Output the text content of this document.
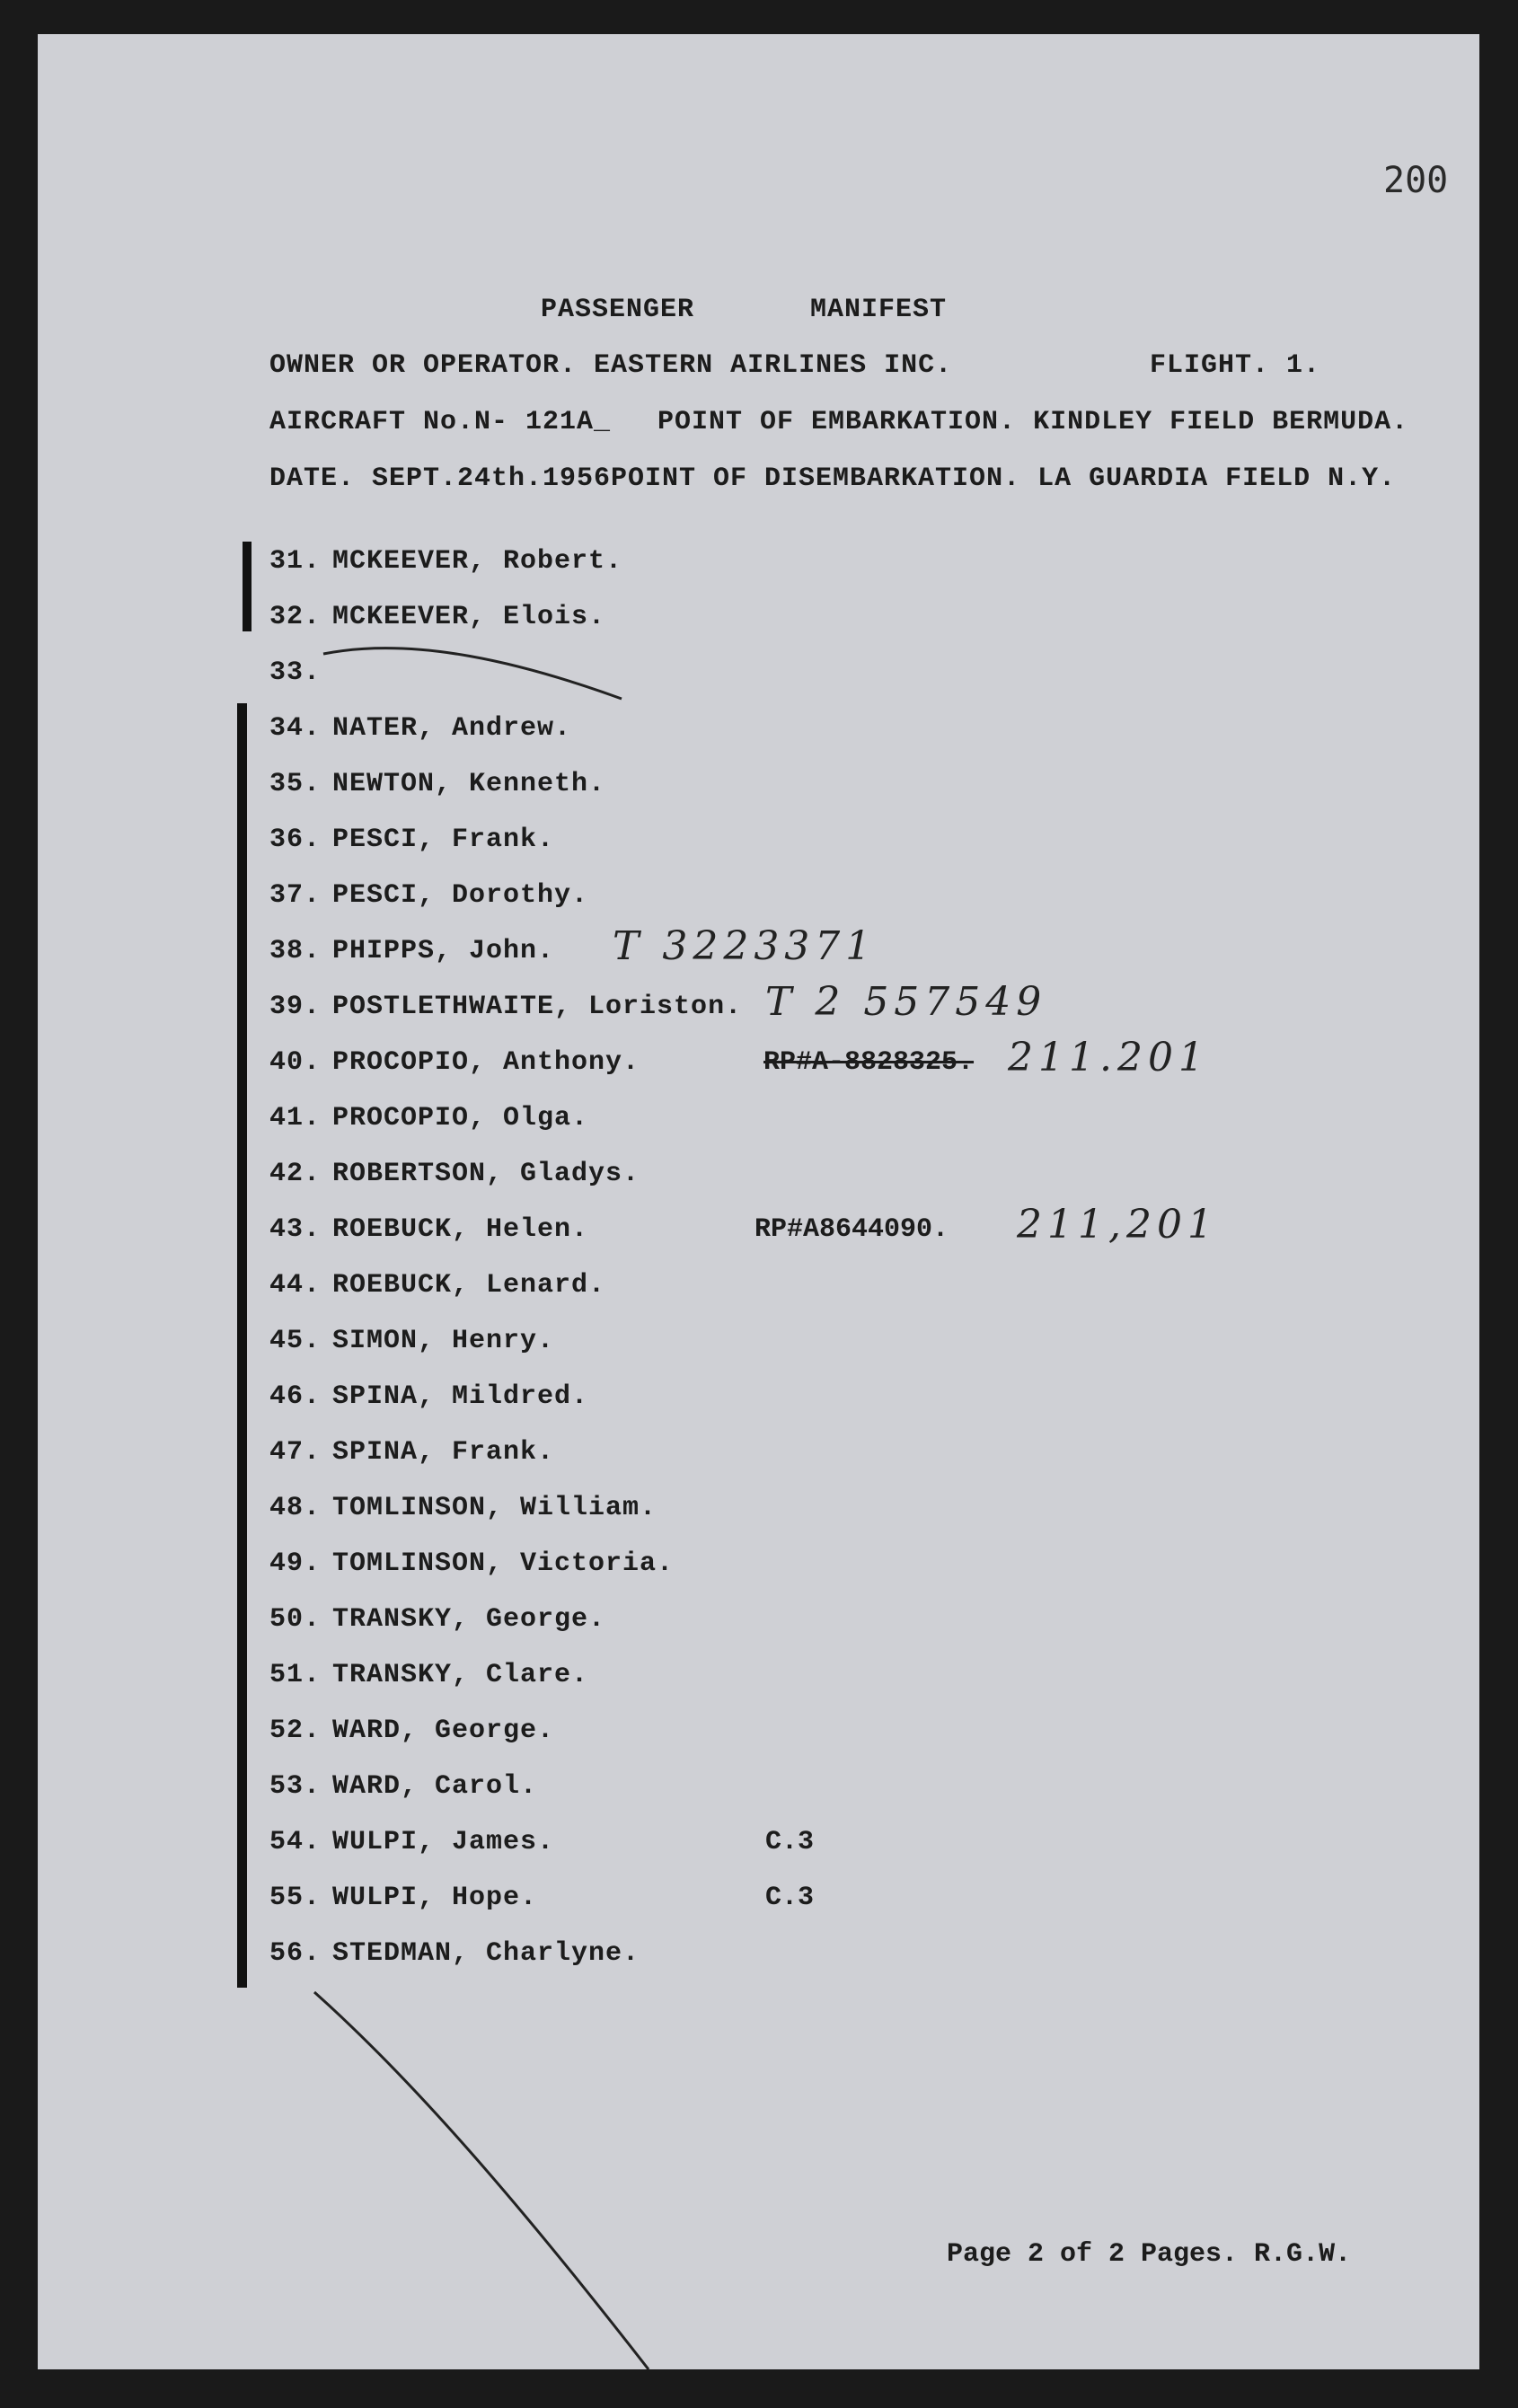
200
PASSENGER	MANIFEST
OWNER OR OPERATOR. EASTERN AIRLINES INC.	FLIGHT. 1.
AIRCRAFT No.N- 121A_ POINT OF EMBARKATION. KINDLEY FIELD BERMUDA.
DATE. SEPT.24th.1956 POINT OF DISEMBARKATION. LA GUARDIA FIELD N.Y.
31. MCKEEVER, Robert.
32. MCKEEVER, Elois.
33.
34. NATER, Andrew.
35. NEWTON, Kenneth.
36. PESCI, Frank.
37. PESCI, Dorothy.
38. PHIPPS, John.
39. POSTLETHWAITE, Loriston.
40. PROCOPIO, Anthony.
41. PROCOPIO, Olga.
42. ROBERTSON, Gladys.
43. ROEBUCK, Helen.
44. ROEBUCK, Lenard.
45. SIMON, Henry.
46. SPINA, Mildred.
47. SPINA, Frank.
48. TOMLINSON, William.
49. TOMLINSON, Victoria.
50. TRANSKY, George.
51. TRANSKY, Clare.
52. WARD, George.
53. WARD, Carol.
54. WULPI, James.
55. WULPI, Hope.
56. STEDMAN, Charlyne.
T 3223371
T 2 557549
RP#A-8828325. 211.201
RP#A8644090. 211,201
C.3
C.3
Page 2 of 2 Pages. R.G.W.
